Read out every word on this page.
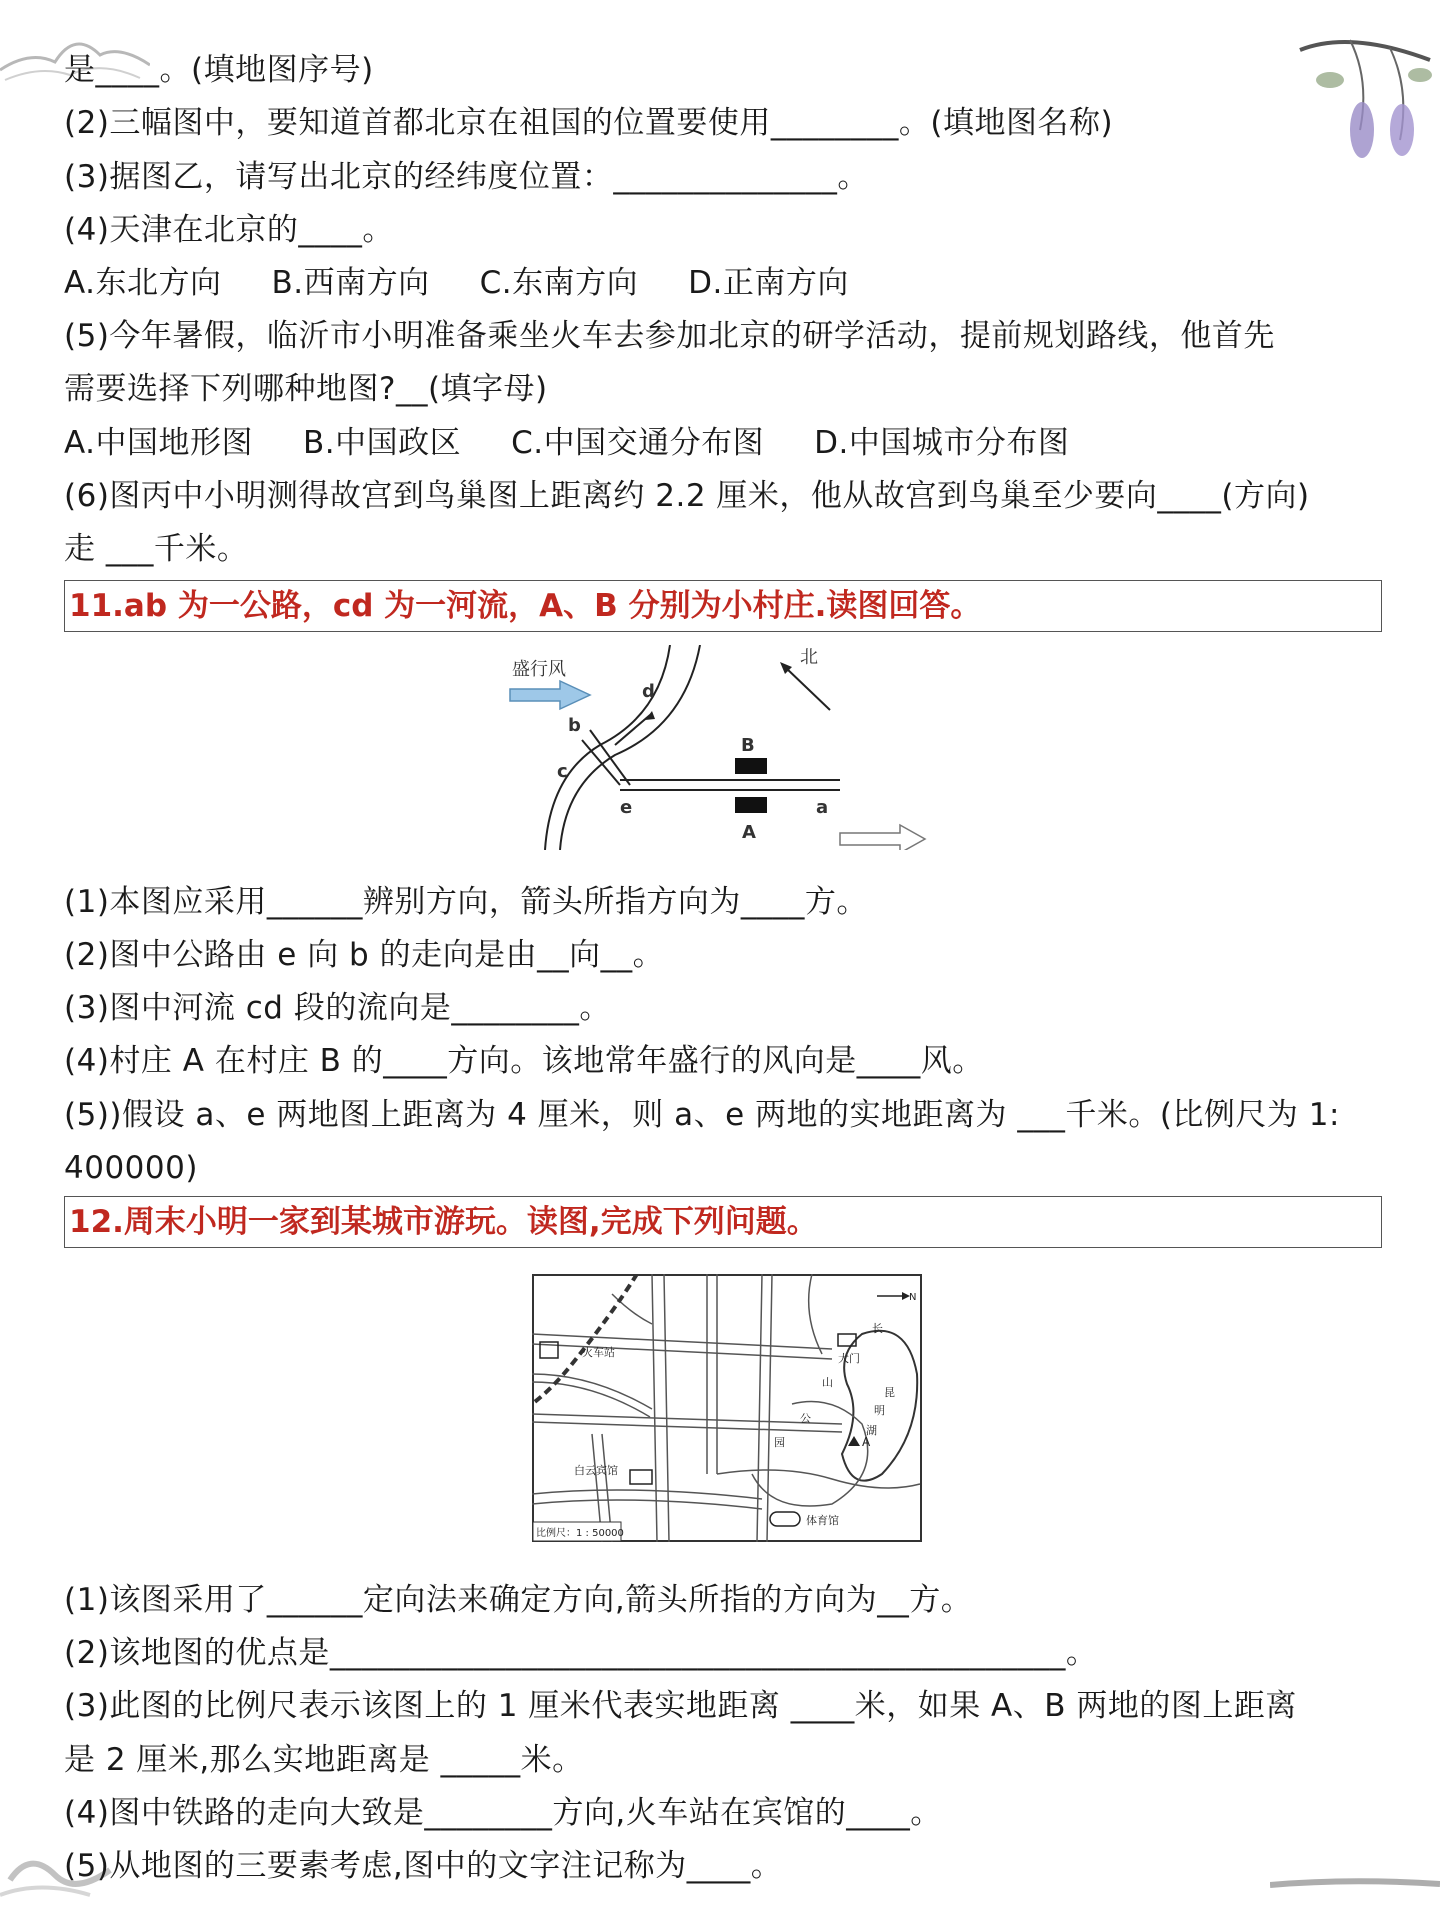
是____。(填地图序号)
(2)三幅图中，要知道首都北京在祖国的位置要使用________。(填地图名称)
(3)据图乙，请写出北京的经纬度位置：______________。
(4)天津在北京的____。
A.东北方向 B.西南方向 C.东南方向 D.正南方向
(5)今年暑假，临沂市小明准备乘坐火车去参加北京的研学活动，提前规划路线，他首先
需要选择下列哪种地图?__(填字母)
A.中国地形图 B.中国政区 C.中国交通分布图 D.中国城市分布图
(6)图丙中小明测得故宫到鸟巢图上距离约 2.2 厘米，他从故宫到鸟巢至少要向____(方向)
走 ___千米。
11.ab 为一公路，cd 为一河流，A、B 分别为小村庄.读图回答。
盛行风
北
d
b
c
e	a
B
A
(1)本图应采用______辨别方向，箭头所指方向为____方。
(2)图中公路由 e 向 b 的走向是由__向__。
(3)图中河流 cd 段的流向是________。
(4)村庄 A 在村庄 B 的____方向。该地常年盛行的风向是____风。
(5))假设 a、e 两地图上距离为 4 厘米，则 a、e 两地的实地距离为 ___千米。(比例尺为 1:
400000)
12.周末小明一家到某城市游玩。读图,完成下列问题。
N
A
火车站
白云宾馆
体育馆
大门
长
山
公
园
昆
明
湖
比例尺：1 : 50000
(1)该图采用了______定向法来确定方向,箭头所指的方向为__方。
(2)该地图的优点是______________________________________________。
(3)此图的比例尺表示该图上的 1 厘米代表实地距离 ____米，如果 A、B 两地的图上距离
是 2 厘米,那么实地距离是 _____米。
(4)图中铁路的走向大致是________方向,火车站在宾馆的____。
(5)从地图的三要素考虑,图中的文字注记称为____。
